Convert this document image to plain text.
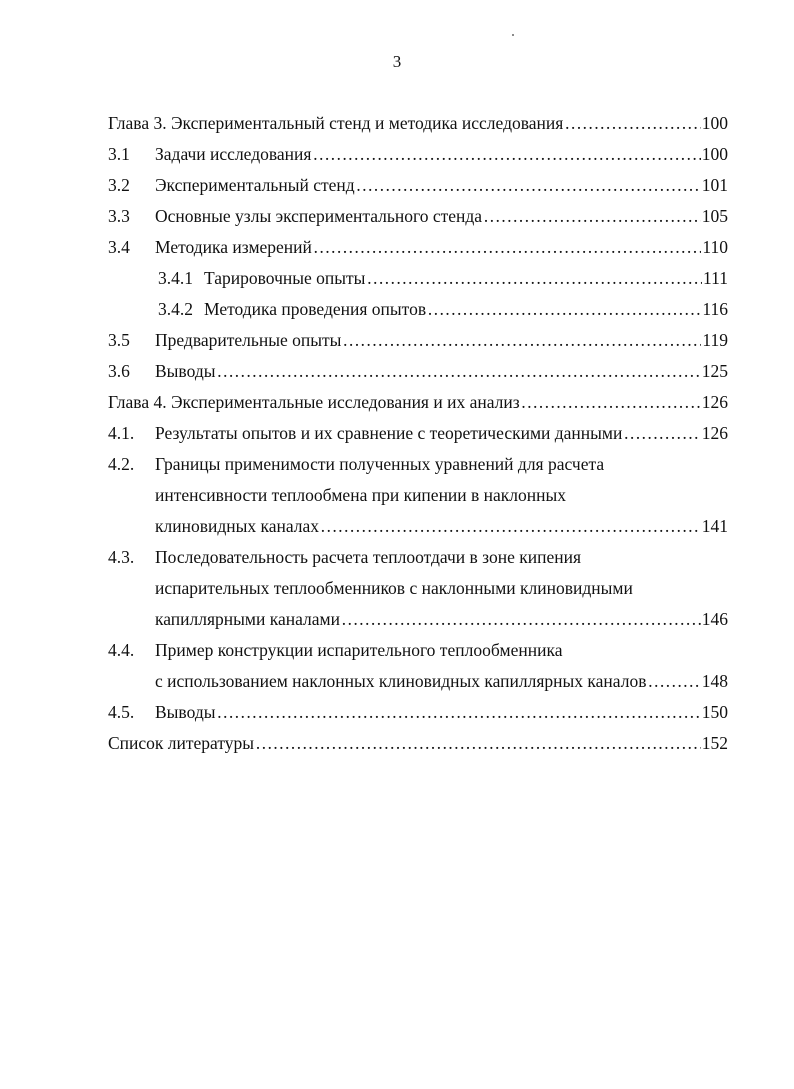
3
Глава 3. Экспериментальный стенд и методика исследования ………………………………………………………………………………………………………………………………………	100
3.1	Задачи исследования ………………………………………………………………………………………………………………………………………	100
3.2	Экспериментальный стенд ………………………………………………………………………………………………………………………………………	101
3.3	Основные узлы экспериментального стенда ………………………………………………………………………………………………………………………………………	105
3.4	Методика измерений ………………………………………………………………………………………………………………………………………	110
3.4.1 Тарировочные опыты ………………………………………………………………………………………………………………………………………	111
3.4.2 Методика проведения опытов ………………………………………………………………………………………………………………………………………	116
3.5	Предварительные опыты ………………………………………………………………………………………………………………………………………	119
3.6	Выводы ………………………………………………………………………………………………………………………………………	125
Глава 4. Экспериментальные исследования и их анализ ………………………………………………………………………………………………………………………………………	126
4.1.	Результаты опытов и их сравнение с теоретическими данными ………………………………………………………………………………………………………………………………………	126
4.2.	Границы применимости полученных уравнений для расчета
интенсивности теплообмена при кипении в наклонных
клиновидных каналах ………………………………………………………………………………………………………………………………………	141
4.3.	Последовательность расчета теплоотдачи в зоне кипения
испарительных теплообменников с наклонными клиновидными
капиллярными каналами ………………………………………………………………………………………………………………………………………	146
4.4.	Пример конструкции испарительного теплообменника
с использованием наклонных клиновидных капиллярных каналов ………………………………………………………………………………………………………………………………………	148
4.5.	Выводы ………………………………………………………………………………………………………………………………………	150
Список литературы ………………………………………………………………………………………………………………………………………	152
